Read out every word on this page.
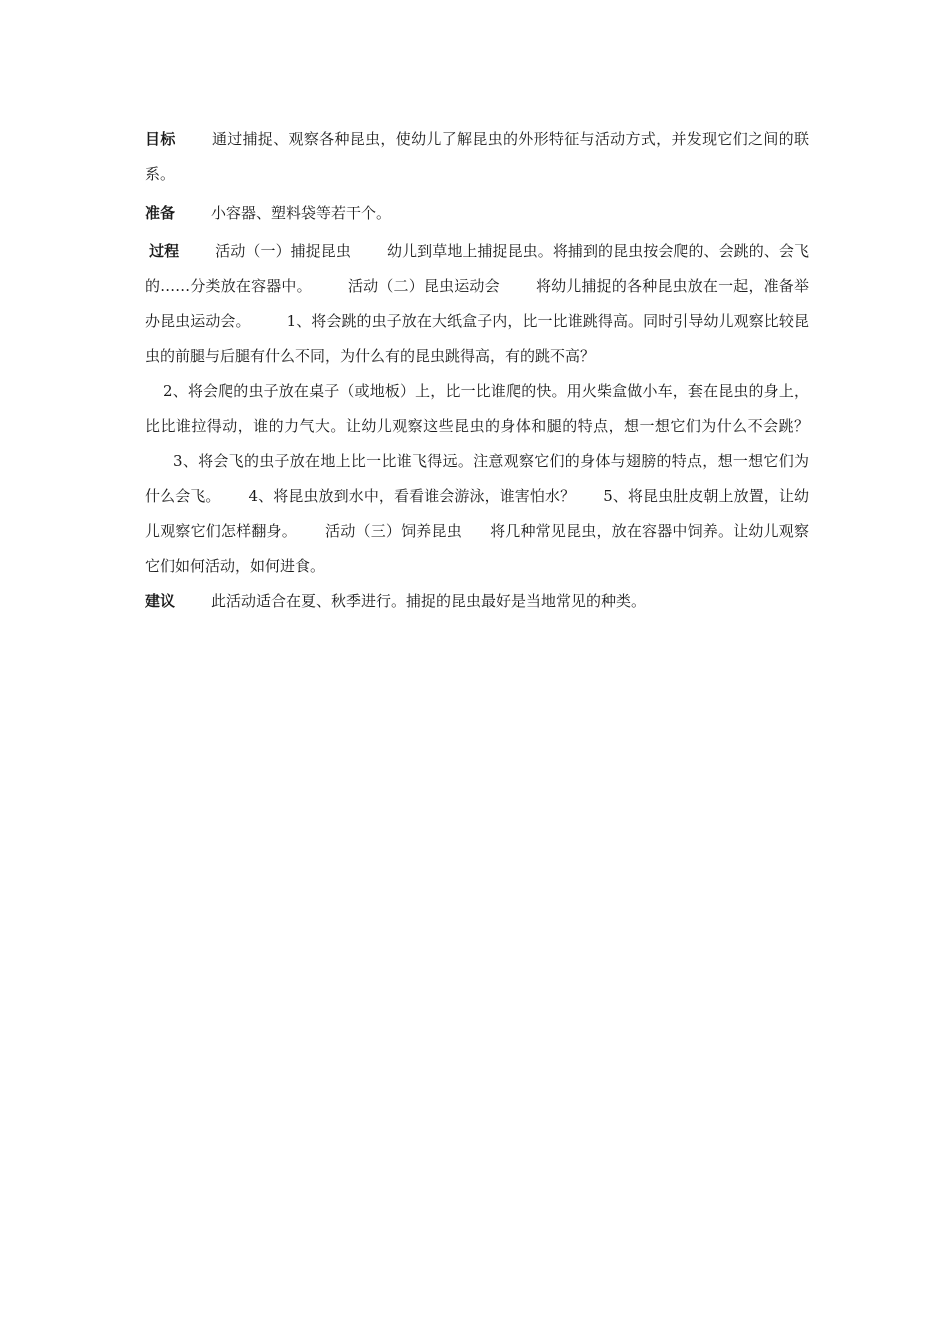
目标 通过捕捉、观察各种昆虫，使幼儿了解昆虫的外形特征与活动方式，并发现它们之间的联系。

准备 小容器、塑料袋等若干个。

过程 活动（一）捕捉昆虫 幼儿到草地上捕捉昆虫。将捕到的昆虫按会爬的、会跳的、会飞的……分类放在容器中。 活动（二）昆虫运动会 将幼儿捕捉的各种昆虫放在一起，准备举办昆虫运动会。 1、将会跳的虫子放在大纸盒子内，比一比谁跳得高。同时引导幼儿观察比较昆虫的前腿与后腿有什么不同，为什么有的昆虫跳得高，有的跳不高？

2、将会爬的虫子放在桌子（或地板）上，比一比谁爬的快。用火柴盒做小车，套在昆虫的身上，比比谁拉得动，谁的力气大。让幼儿观察这些昆虫的身体和腿的特点，想一想它们为什么不会跳？3、将会飞的虫子放在地上比一比谁飞得远。注意观察它们的身体与翅膀的特点，想一想它们为什么会飞。 4、将昆虫放到水中，看看谁会游泳，谁害怕水？ 5、将昆虫肚皮朝上放置，让幼儿观察它们怎样翻身。 活动（三）饲养昆虫 将几种常见昆虫，放在容器中饲养。让幼儿观察它们如何活动，如何进食。

建议 此活动适合在夏、秋季进行。捕捉的昆虫最好是当地常见的种类。
